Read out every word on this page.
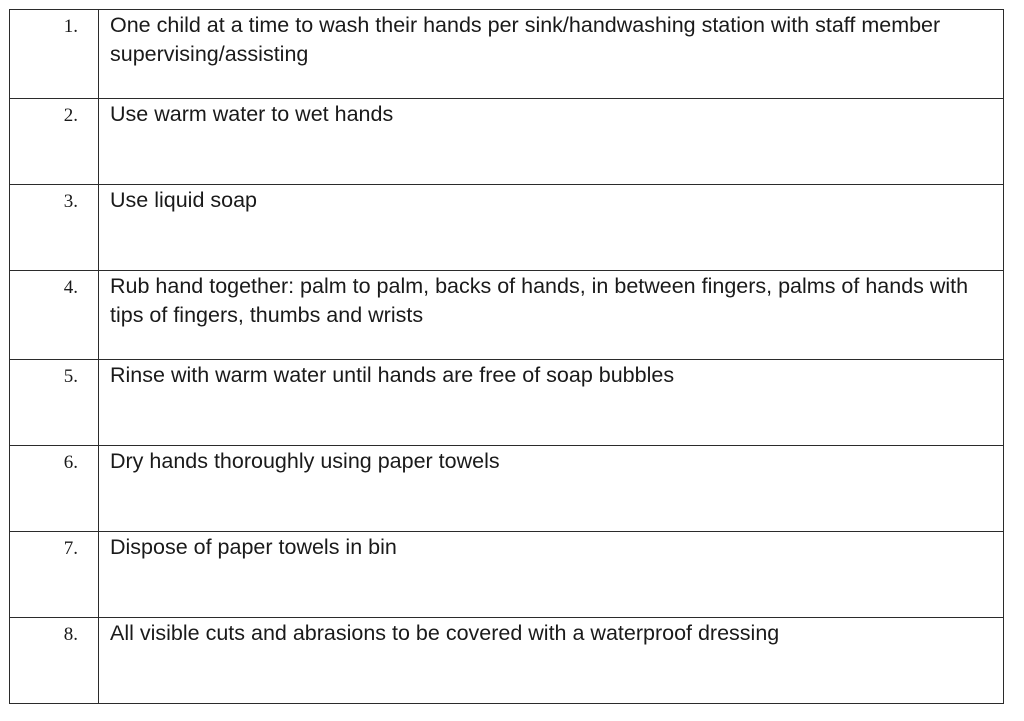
1.	One child at a time to wash their hands per sink/handwashing station with staff member supervising/assisting
2.	Use warm water to wet hands
3.	Use liquid soap
4.	Rub hand together: palm to palm, backs of hands, in between fingers, palms of hands with tips of fingers, thumbs and wrists
5.	Rinse with warm water until hands are free of soap bubbles
6.	Dry hands thoroughly using paper towels
7.	Dispose of paper towels in bin
8.	All visible cuts and abrasions to be covered with a waterproof dressing
